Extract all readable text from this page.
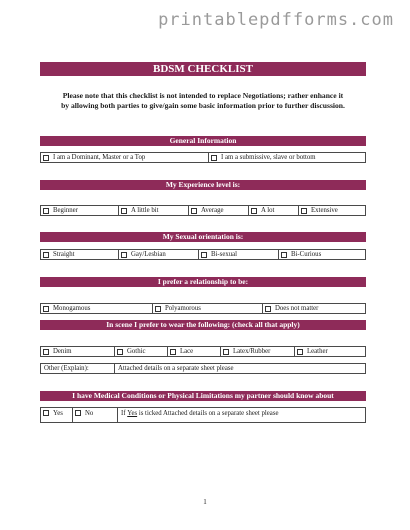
printablepdfforms.com
BDSM CHECKLIST
Please note that this checklist is not intended to replace Negotiations; rather enhance it by allowing both parties to give/gain some basic information prior to further discussion.
General Information
I am a Dominant, Master or a Top	I am a submissive, slave or bottom
My Experience level is:
Beginner	A little bit	Average	A lot	Extensive
My Sexual orientation is:
Straight	Gay/Lesbian	Bi-sexual	Bi-Curious
I prefer a relationship to be:
Monogamous	Polyamorous	Does not matter
In scene I prefer to wear the following: (check all that apply)
Denim	Gothic	Lace	Latex/Rubber	Leather
Other (Explain):	Attached details on a separate sheet please
I have Medical Conditions or Physical Limitations my partner should know about
Yes	No	If Yes is ticked Attached details on a separate sheet please
1
